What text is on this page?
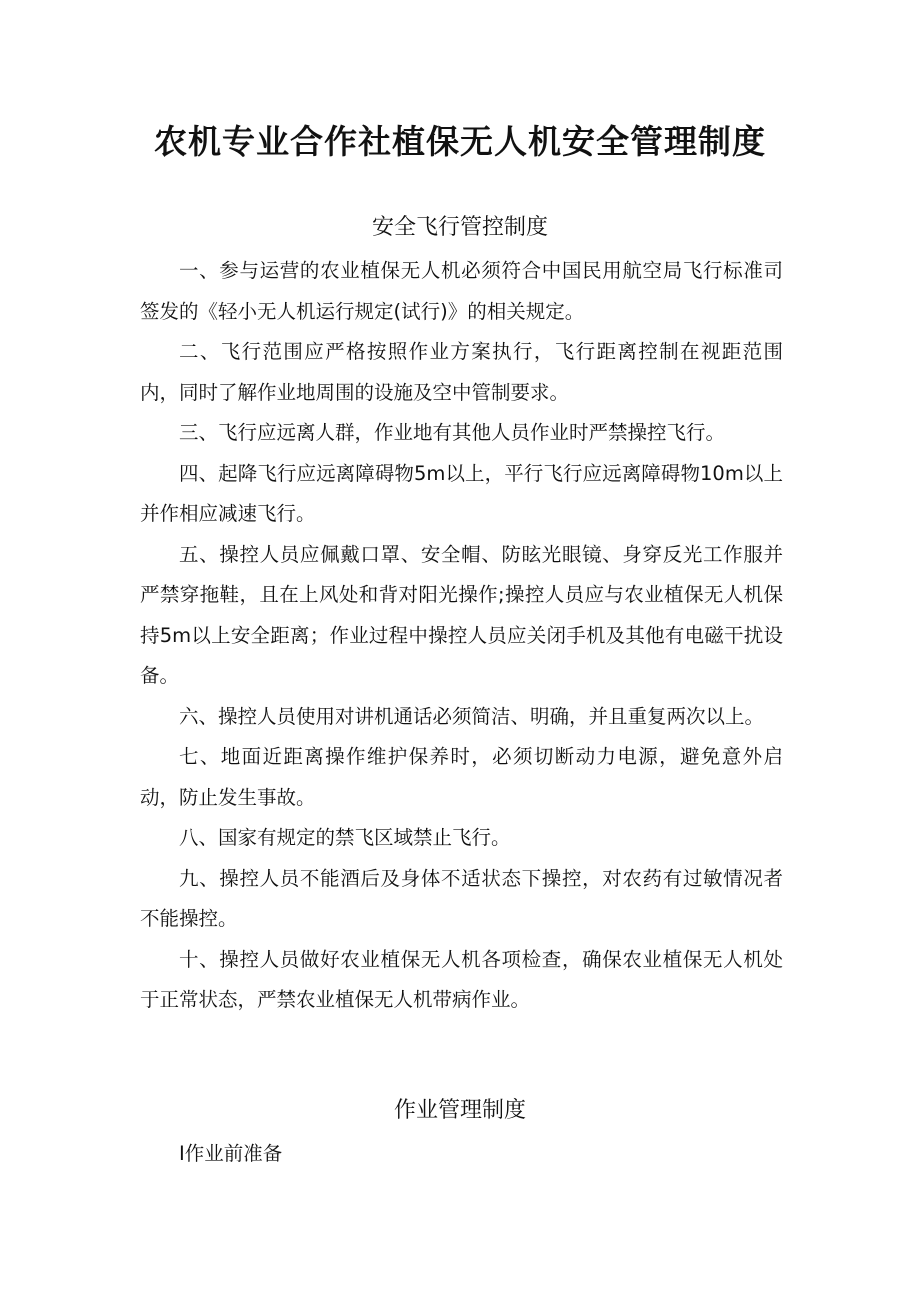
农机专业合作社植保无人机安全管理制度
安全飞行管控制度

一、参与运营的农业植保无人机必须符合中国民用航空局飞行标准司签发的《轻小无人机运行规定(试行)》的相关规定。

二、飞行范围应严格按照作业方案执行，飞行距离控制在视距范围内，同时了解作业地周围的设施及空中管制要求。

三、飞行应远离人群，作业地有其他人员作业时严禁操控飞行。

四、起降飞行应远离障碍物5m以上，平行飞行应远离障碍物10m以上并作相应减速飞行。

五、操控人员应佩戴口罩、安全帽、防眩光眼镜、身穿反光工作服并严禁穿拖鞋，且在上风处和背对阳光操作;操控人员应与农业植保无人机保持5m以上安全距离；作业过程中操控人员应关闭手机及其他有电磁干扰设备。

六、操控人员使用对讲机通话必须简洁、明确，并且重复两次以上。

七、地面近距离操作维护保养时，必须切断动力电源，避免意外启动，防止发生事故。

八、国家有规定的禁飞区域禁止飞行。

九、操控人员不能酒后及身体不适状态下操控，对农药有过敏情况者不能操控。

十、操控人员做好农业植保无人机各项检查，确保农业植保无人机处于正常状态，严禁农业植保无人机带病作业。

作业管理制度

I作业前准备
